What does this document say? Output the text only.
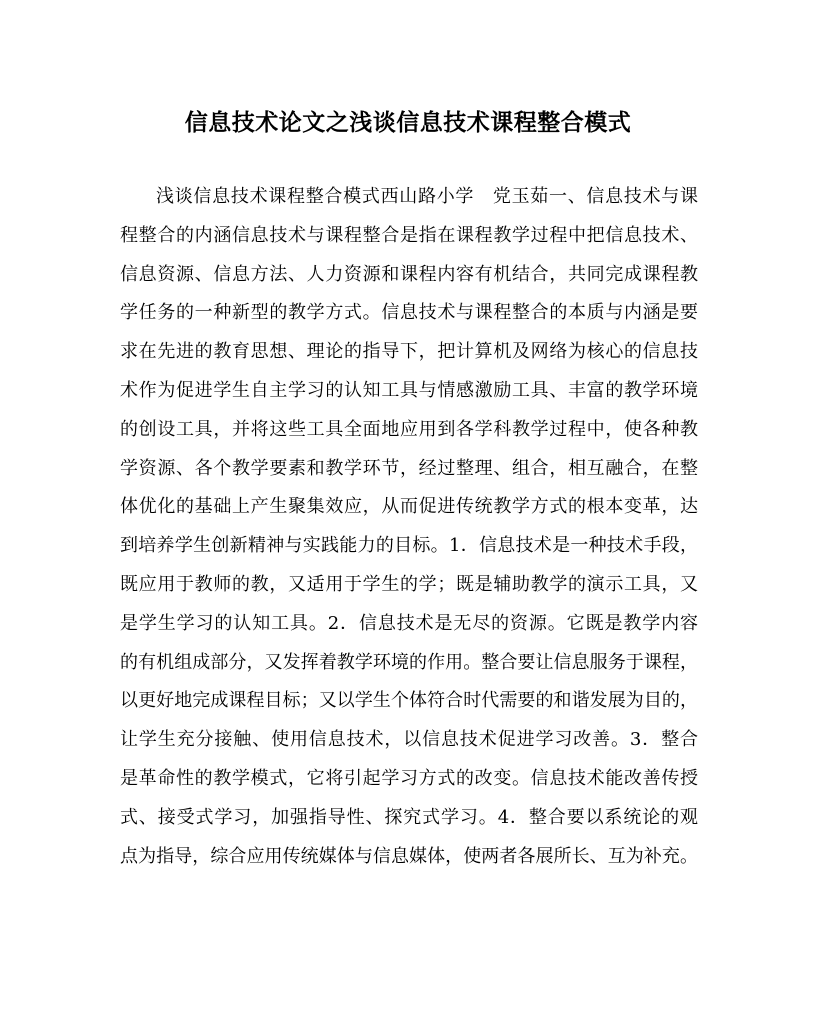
信息技术论文之浅谈信息技术课程整合模式
浅谈信息技术课程整合模式西山路小学　党玉茹一、信息技术与课
程整合的内涵信息技术与课程整合是指在课程教学过程中把信息技术、
信息资源、信息方法、人力资源和课程内容有机结合，共同完成课程教
学任务的一种新型的教学方式。信息技术与课程整合的本质与内涵是要
求在先进的教育思想、理论的指导下，把计算机及网络为核心的信息技
术作为促进学生自主学习的认知工具与情感激励工具、丰富的教学环境
的创设工具，并将这些工具全面地应用到各学科教学过程中，使各种教
学资源、各个教学要素和教学环节，经过整理、组合，相互融合，在整
体优化的基础上产生聚集效应，从而促进传统教学方式的根本变革，达
到培养学生创新精神与实践能力的目标。1．信息技术是一种技术手段，
既应用于教师的教，又适用于学生的学；既是辅助教学的演示工具，又
是学生学习的认知工具。2．信息技术是无尽的资源。它既是教学内容
的有机组成部分，又发挥着教学环境的作用。整合要让信息服务于课程，
以更好地完成课程目标；又以学生个体符合时代需要的和谐发展为目的，
让学生充分接触、使用信息技术，以信息技术促进学习改善。3．整合
是革命性的教学模式，它将引起学习方式的改变。信息技术能改善传授
式、接受式学习，加强指导性、探究式学习。4．整合要以系统论的观
点为指导，综合应用传统媒体与信息媒体，使两者各展所长、互为补充。
